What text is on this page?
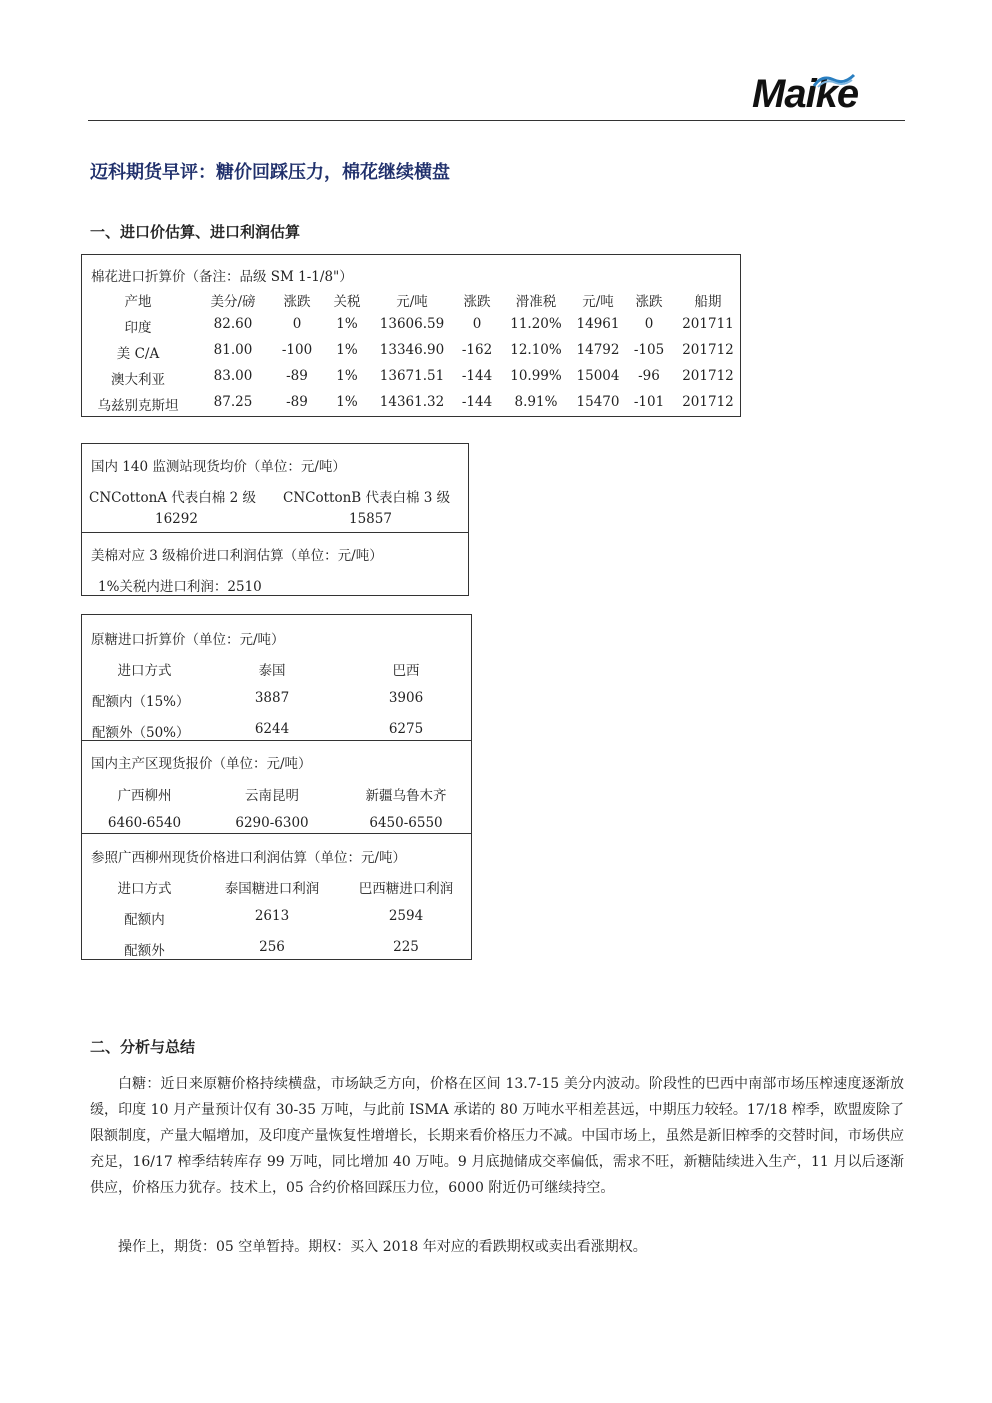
Maike
迈科期货早评：糖价回踩压力，棉花继续横盘
一、进口价估算、进口利润估算
棉花进口折算价（备注：品级 SM 1-1/8"）
产地	美分/磅	涨跌	关税	元/吨	涨跌	滑准税	元/吨	涨跌	船期
印度	82.60	0	1%	13606.59	0	11.20%	14961	0	201711
美 C/A	81.00	-100	1%	13346.90	-162	12.10%	14792	-105	201712
澳大利亚	83.00	-89	1%	13671.51	-144	10.99%	15004	-96	201712
乌兹别克斯坦	87.25	-89	1%	14361.32	-144	8.91%	15470	-101	201712
国内 140 监测站现货均价（单位：元/吨）
CNCottonA 代表白棉 2 级 CNCottonB 代表白棉 3 级
16292	15857
美棉对应 3 级棉价进口利润估算（单位：元/吨）
1%关税内进口利润：2510
原糖进口折算价（单位：元/吨）
进口方式	泰国	巴西
配额内（15%）	3887	3906
配额外（50%）	6244	6275
国内主产区现货报价（单位：元/吨）
广西柳州	云南昆明	新疆乌鲁木齐
6460-6540	6290-6300	6450-6550
参照广西柳州现货价格进口利润估算（单位：元/吨）
进口方式	泰国糖进口利润	巴西糖进口利润
配额内	2613	2594
配额外	256	225
二、分析与总结
白糖：近日来原糖价格持续横盘，市场缺乏方向，价格在区间 13.7-15 美分内波动。阶段性的巴西中南部市场压榨速度逐渐放缓，印度 10 月产量预计仅有 30-35 万吨，与此前 ISMA 承诺的 80 万吨水平相差甚远，中期压力较轻。17/18 榨季，欧盟废除了限额制度，产量大幅增加，及印度产量恢复性增增长，长期来看价格压力不减。中国市场上，虽然是新旧榨季的交替时间，市场供应充足，16/17 榨季结转库存 99 万吨，同比增加 40 万吨。9 月底抛储成交率偏低，需求不旺，新糖陆续进入生产，11 月以后逐渐供应，价格压力犹存。技术上，05 合约价格回踩压力位，6000 附近仍可继续持空。
操作上，期货：05 空单暂持。期权：买入 2018 年对应的看跌期权或卖出看涨期权。
